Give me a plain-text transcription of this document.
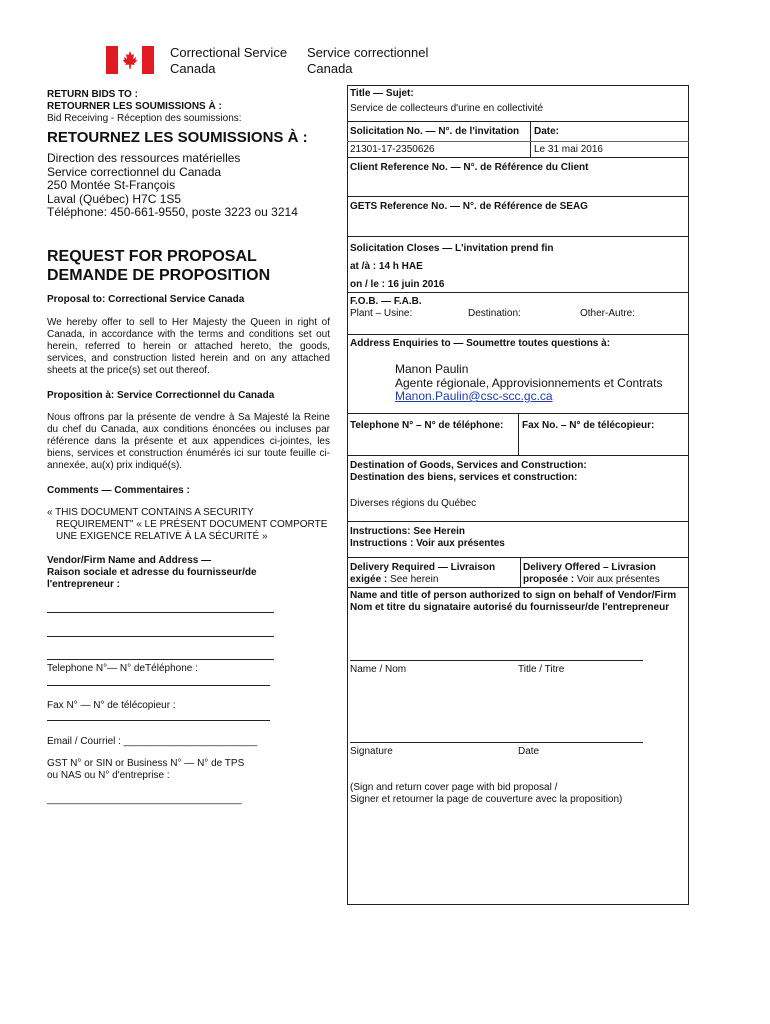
Correctional Service
Canada
Service correctionnel
Canada
RETURN BIDS TO :
RETOURNER LES SOUMISSIONS À :
Bid Receiving - Réception des soumissions:
RETOURNEZ LES SOUMISSIONS À :
Direction des ressources matérielles
Service correctionnel du Canada
250 Montée St-François
Laval (Québec) H7C 1S5
Téléphone: 450-661-9550, poste 3223 ou 3214
REQUEST FOR PROPOSAL
DEMANDE DE PROPOSITION
Proposal to: Correctional Service Canada
We hereby offer to sell to Her Majesty the Queen in right of Canada, in accordance with the terms and conditions set out herein, referred to herein or attached hereto, the goods, services, and construction listed herein and on any attached sheets at the price(s) set out thereof.
Proposition à: Service Correctionnel du Canada
Nous offrons par la présente de vendre à Sa Majesté la Reine du chef du Canada, aux conditions énoncées ou incluses par référence dans la présente et aux appendices ci-jointes, les biens, services et construction énumérés ici sur toute feuille ci-annexée, au(x) prix indiqué(s).
Comments — Commentaires :
« THIS DOCUMENT CONTAINS A SECURITY
REQUIREMENT" « LE PRÉSENT DOCUMENT COMPORTE
UNE EXIGENCE RELATIVE À LA SÉCURITÉ »
Vendor/Firm Name and Address —
Raison sociale et adresse du fournisseur/de
l'entrepreneur :
Telephone N°— N° deTéléphone :
Fax N° — N° de télécopieur :
Email / Courriel : ________________________
GST N° or SIN or Business N° — N° de TPS
ou NAS ou N° d'entreprise :
___________________________________
Title — Sujet:
Service de collecteurs d'urine en collectivité
Solicitation No. — N°. de l'invitation Date:
21301-17-2350626	Le 31 mai 2016
Client Reference No. — N°. de Référence du Client
GETS Reference No. — N°. de Référence de SEAG
Solicitation Closes — L'invitation prend fin
at /à : 14 h HAE
on / le : 16 juin 2016
F.O.B. — F.A.B.
Plant – Usine:	Destination:	Other-Autre:
Address Enquiries to — Soumettre toutes questions à:
Manon Paulin
Agente régionale, Approvisionnements et Contrats
Manon.Paulin@csc-scc.gc.ca
Telephone N° – N° de téléphone: Fax No. – N° de télécopieur:
Destination of Goods, Services and Construction:
Destination des biens, services et construction:
Diverses régions du Québec
Instructions: See Herein
Instructions : Voir aux présentes
Delivery Required — Livraison
exigée : See herein
Delivery Offered – Livrasion
proposée : Voir aux présentes
Name and title of person authorized to sign on behalf of Vendor/Firm
Nom et titre du signataire autorisé du fournisseur/de l'entrepreneur
Name / Nom	Title / Titre
Signature	Date
(Sign and return cover page with bid proposal /
Signer et retourner la page de couverture avec la proposition)
